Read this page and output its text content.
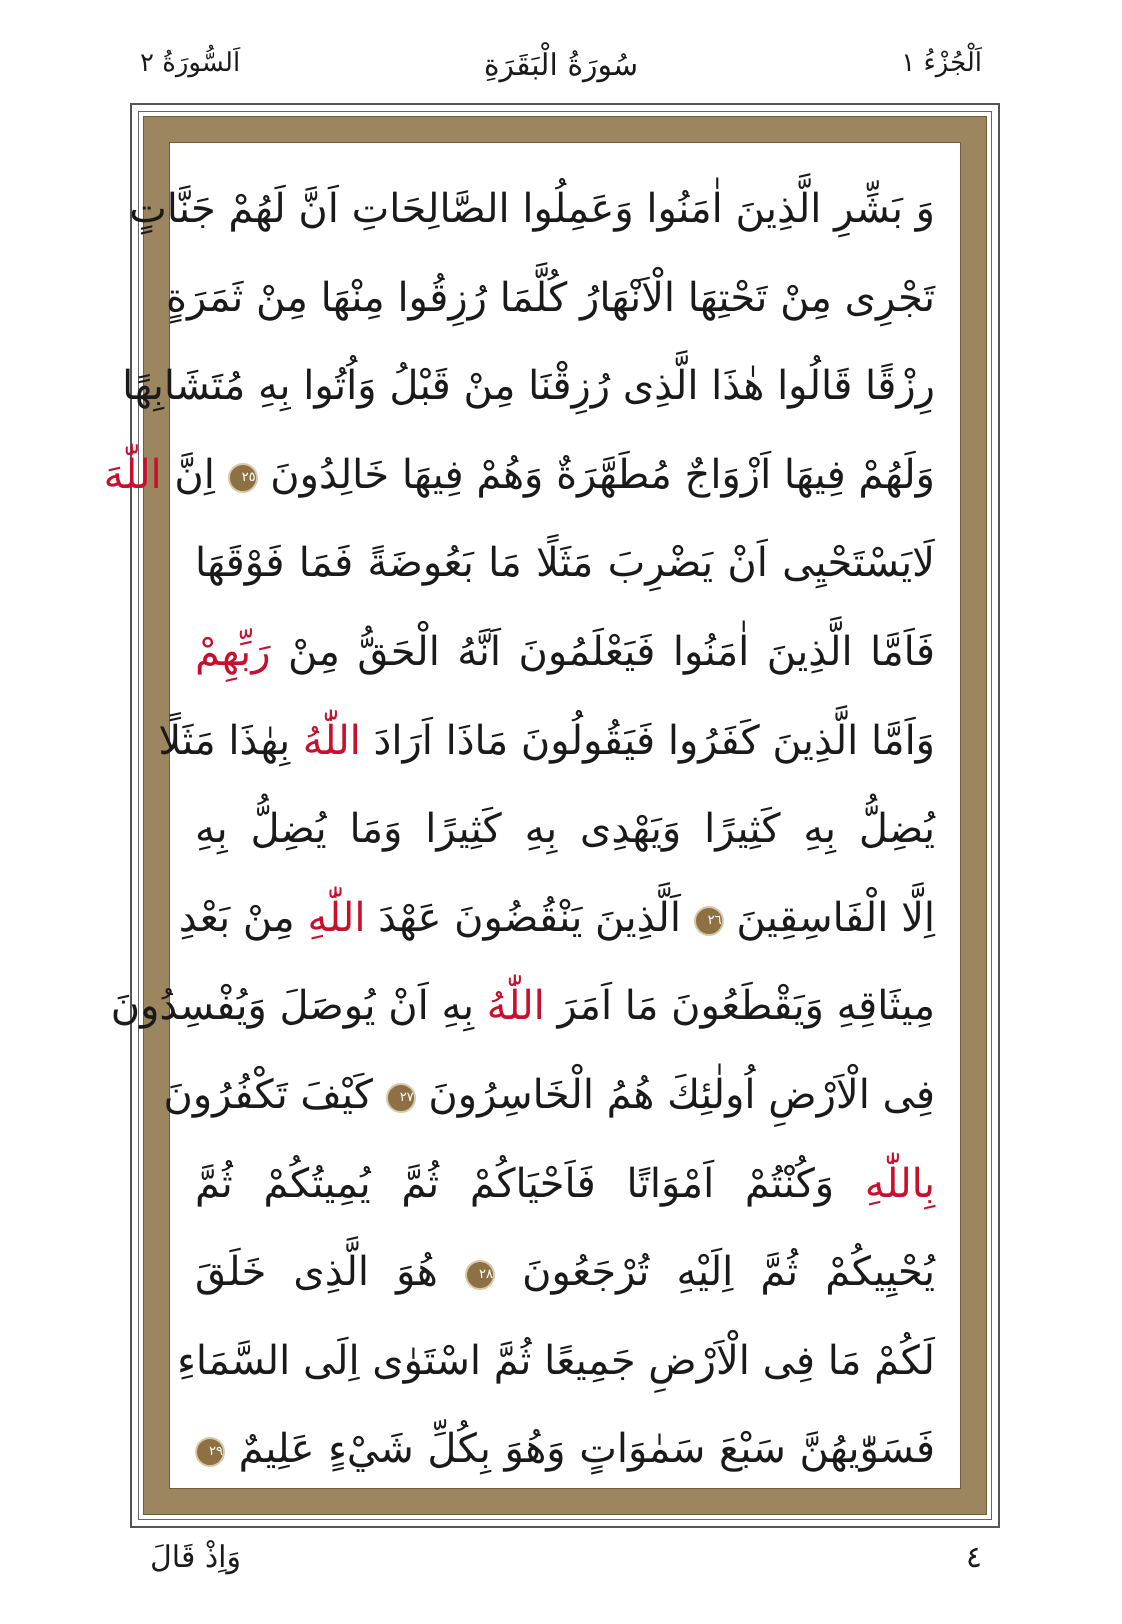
اَلْجُزْءُ ١
سُورَةُ الْبَقَرَةِ
اَلسُّورَةُ ٢
وَ بَشِّرِ الَّذِينَ اٰمَنُوا وَعَمِلُوا الصَّالِحَاتِ اَنَّ لَهُمْ جَنَّاتٍ
تَجْرِى مِنْ تَحْتِهَا الْاَنْهَارُ كُلَّمَا رُزِقُوا مِنْهَا مِنْ ثَمَرَةٍ
رِزْقًا قَالُوا هٰذَا الَّذِى رُزِقْنَا مِنْ قَبْلُ وَاُتُوا بِهِ مُتَشَابِهًا
وَلَهُمْ فِيهَا اَزْوَاجٌ مُطَهَّرَةٌ وَهُمْ فِيهَا خَالِدُونَ ٢٥ اِنَّ اللّٰهَ
لَايَسْتَحْيِى اَنْ يَضْرِبَ مَثَلًا مَا بَعُوضَةً فَمَا فَوْقَهَا
فَاَمَّا الَّذِينَ اٰمَنُوا فَيَعْلَمُونَ اَنَّهُ الْحَقُّ مِنْ رَبِّهِمْ
وَاَمَّا الَّذِينَ كَفَرُوا فَيَقُولُونَ مَاذَا اَرَادَ اللّٰهُ بِهٰذَا مَثَلًا
يُضِلُّ بِهِ كَثِيرًا وَيَهْدِى بِهِ كَثِيرًا وَمَا يُضِلُّ بِهِ
اِلَّا الْفَاسِقِينَ ٢٦ اَلَّذِينَ يَنْقُضُونَ عَهْدَ اللّٰهِ مِنْ بَعْدِ
مِيثَاقِهِ وَيَقْطَعُونَ مَا اَمَرَ اللّٰهُ بِهِ اَنْ يُوصَلَ وَيُفْسِدُونَ
فِى الْاَرْضِ اُولٰئِكَ هُمُ الْخَاسِرُونَ ٢٧ كَيْفَ تَكْفُرُونَ
بِاللّٰهِ وَكُنْتُمْ اَمْوَاتًا فَاَحْيَاكُمْ ثُمَّ يُمِيتُكُمْ ثُمَّ
يُحْيِيكُمْ ثُمَّ اِلَيْهِ تُرْجَعُونَ ٢٨ هُوَ الَّذِى خَلَقَ
لَكُمْ مَا فِى الْاَرْضِ جَمِيعًا ثُمَّ اسْتَوٰى اِلَى السَّمَاءِ
فَسَوّٰيهُنَّ سَبْعَ سَمٰوَاتٍ وَهُوَ بِكُلِّ شَيْءٍ عَلِيمٌ ٢٩
وَاِذْ قَالَ	٤
